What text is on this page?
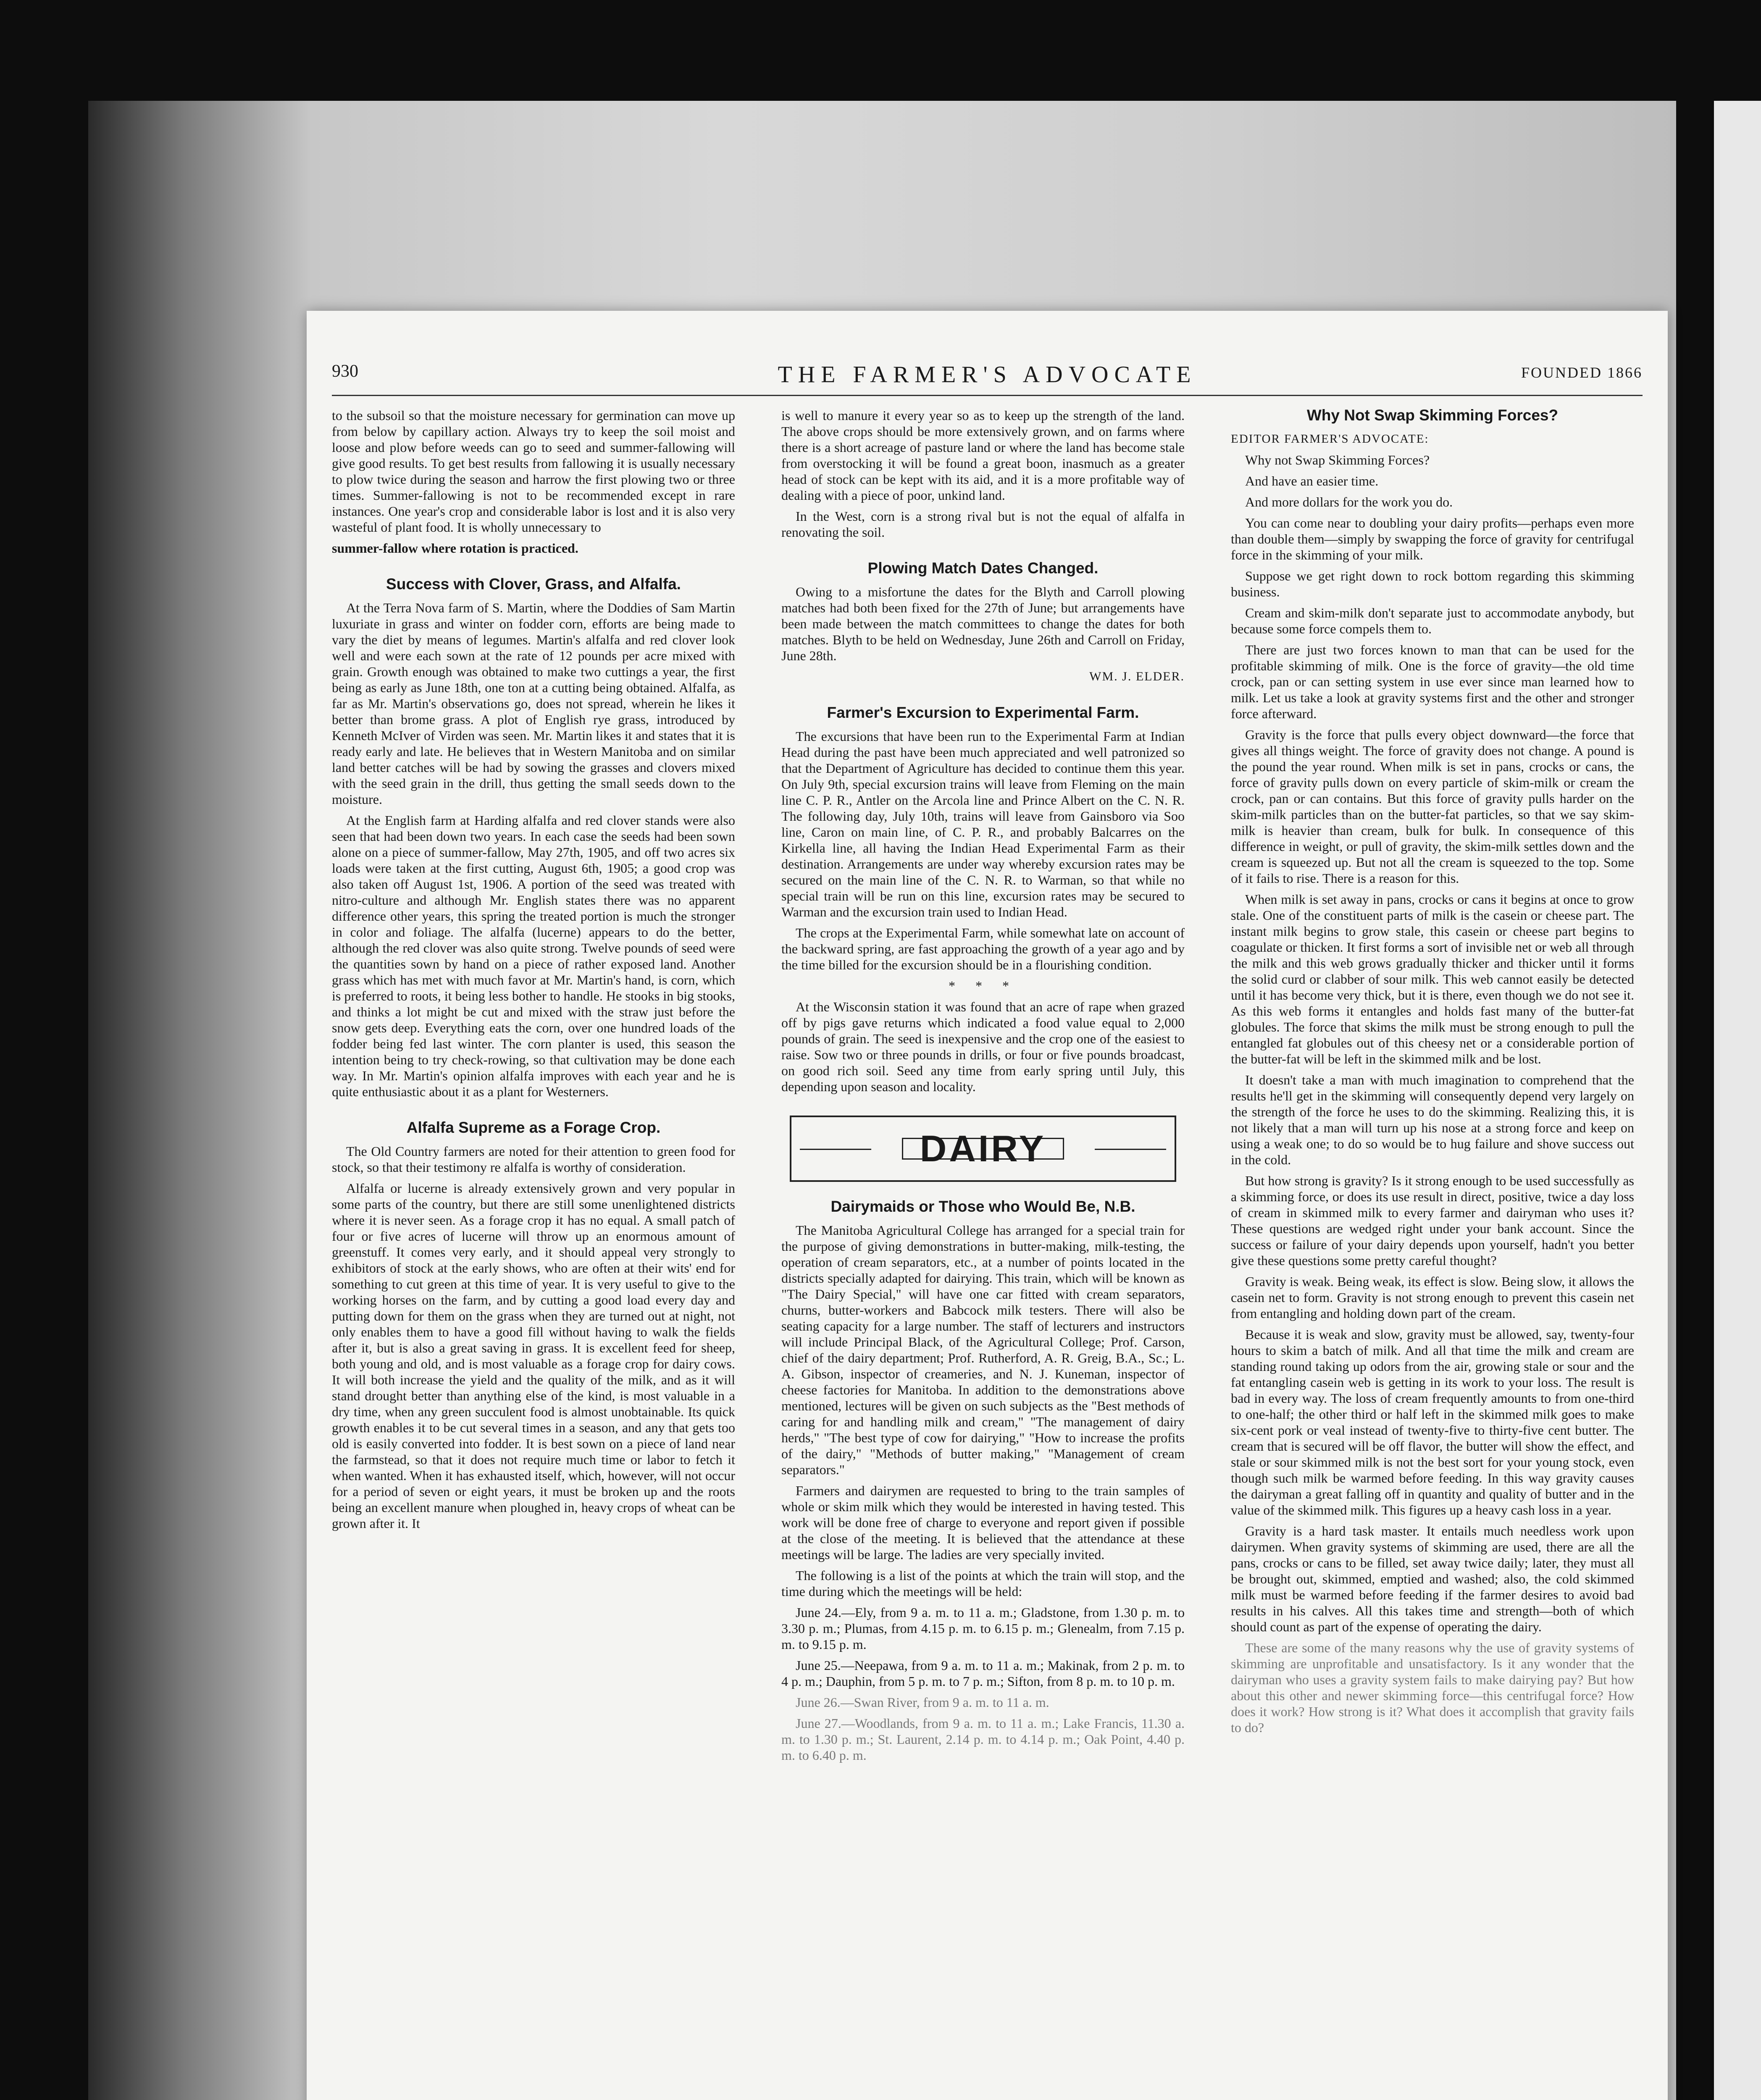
930	THE FARMER'S ADVOCATE	FOUNDED 1866

to the subsoil so that the moisture necessary for germination can move up from below by capillary action. Always try to keep the soil moist and loose and plow before weeds can go to seed and summer-fallowing will give good results. To get best results from fallowing it is usually necessary to plow twice during the season and harrow the first plowing two or three times. Summer-fallowing is not to be recommended except in rare instances. One year's crop and considerable labor is lost and it is also very wasteful of plant food. It is wholly unnecessary to

summer-fallow where rotation is practiced.

Success with Clover, Grass, and Alfalfa.

At the Terra Nova farm of S. Martin, where the Doddies of Sam Martin luxuriate in grass and winter on fodder corn, efforts are being made to vary the diet by means of legumes. Martin's alfalfa and red clover look well and were each sown at the rate of 12 pounds per acre mixed with grain. Growth enough was obtained to make two cuttings a year, the first being as early as June 18th, one ton at a cutting being obtained. Alfalfa, as far as Mr. Martin's observations go, does not spread, wherein he likes it better than brome grass. A plot of English rye grass, introduced by Kenneth McIver of Virden was seen. Mr. Martin likes it and states that it is ready early and late. He believes that in Western Manitoba and on similar land better catches will be had by sowing the grasses and clovers mixed with the seed grain in the drill, thus getting the small seeds down to the moisture.

At the English farm at Harding alfalfa and red clover stands were also seen that had been down two years. In each case the seeds had been sown alone on a piece of summer-fallow, May 27th, 1905, and off two acres six loads were taken at the first cutting, August 6th, 1905; a good crop was also taken off August 1st, 1906. A portion of the seed was treated with nitro-culture and although Mr. English states there was no apparent difference other years, this spring the treated portion is much the stronger in color and foliage. The alfalfa (lucerne) appears to do the better, although the red clover was also quite strong. Twelve pounds of seed were the quantities sown by hand on a piece of rather exposed land. Another grass which has met with much favor at Mr. Martin's hand, is corn, which is preferred to roots, it being less bother to handle. He stooks in big stooks, and thinks a lot might be cut and mixed with the straw just before the snow gets deep. Everything eats the corn, over one hundred loads of the fodder being fed last winter. The corn planter is used, this season the intention being to try check-rowing, so that cultivation may be done each way. In Mr. Martin's opinion alfalfa improves with each year and he is quite enthusiastic about it as a plant for Westerners.

Alfalfa Supreme as a Forage Crop.

The Old Country farmers are noted for their attention to green food for stock, so that their testimony re alfalfa is worthy of consideration.

Alfalfa or lucerne is already extensively grown and very popular in some parts of the country, but there are still some unenlightened districts where it is never seen. As a forage crop it has no equal. A small patch of four or five acres of lucerne will throw up an enormous amount of greenstuff. It comes very early, and it should appeal very strongly to exhibitors of stock at the early shows, who are often at their wits' end for something to cut green at this time of year. It is very useful to give to the working horses on the farm, and by cutting a good load every day and putting down for them on the grass when they are turned out at night, not only enables them to have a good fill without having to walk the fields after it, but is also a great saving in grass. It is excellent feed for sheep, both young and old, and is most valuable as a forage crop for dairy cows. It will both increase the yield and the quality of the milk, and as it will stand drought better than anything else of the kind, is most valuable in a dry time, when any green succulent food is almost unobtainable. Its quick growth enables it to be cut several times in a season, and any that gets too old is easily converted into fodder. It is best sown on a piece of land near the farmstead, so that it does not require much time or labor to fetch it when wanted. When it has exhausted itself, which, however, will not occur for a period of seven or eight years, it must be broken up and the roots being an excellent manure when ploughed in, heavy crops of wheat can be grown after it. It

is well to manure it every year so as to keep up the strength of the land. The above crops should be more extensively grown, and on farms where there is a short acreage of pasture land or where the land has become stale from overstocking it will be found a great boon, inasmuch as a greater head of stock can be kept with its aid, and it is a more profitable way of dealing with a piece of poor, unkind land.

In the West, corn is a strong rival but is not the equal of alfalfa in renovating the soil.

Plowing Match Dates Changed.

Owing to a misfortune the dates for the Blyth and Carroll plowing matches had both been fixed for the 27th of June; but arrangements have been made between the match committees to change the dates for both matches. Blyth to be held on Wednesday, June 26th and Carroll on Friday, June 28th.

WM. J. ELDER.

Farmer's Excursion to Experimental Farm.

The excursions that have been run to the Experimental Farm at Indian Head during the past have been much appreciated and well patronized so that the Department of Agriculture has decided to continue them this year. On July 9th, special excursion trains will leave from Fleming on the main line C. P. R., Antler on the Arcola line and Prince Albert on the C. N. R. The following day, July 10th, trains will leave from Gainsboro via Soo line, Caron on main line, of C. P. R., and probably Balcarres on the Kirkella line, all having the Indian Head Experimental Farm as their destination. Arrangements are under way whereby excursion rates may be secured on the main line of the C. N. R. to Warman, so that while no special train will be run on this line, excursion rates may be secured to Warman and the excursion train used to Indian Head.

The crops at the Experimental Farm, while somewhat late on account of the backward spring, are fast approaching the growth of a year ago and by the time billed for the excursion should be in a flourishing condition.

* * *

At the Wisconsin station it was found that an acre of rape when grazed off by pigs gave returns which indicated a food value equal to 2,000 pounds of grain. The seed is inexpensive and the crop one of the easiest to raise. Sow two or three pounds in drills, or four or five pounds broadcast, on good rich soil. Seed any time from early spring until July, this depending upon season and locality.

DAIRY
Dairymaids or Those who Would Be, N.B.

The Manitoba Agricultural College has arranged for a special train for the purpose of giving demonstrations in butter-making, milk-testing, the operation of cream separators, etc., at a number of points located in the districts specially adapted for dairying. This train, which will be known as "The Dairy Special," will have one car fitted with cream separators, churns, butter-workers and Babcock milk testers. There will also be seating capacity for a large number. The staff of lecturers and instructors will include Principal Black, of the Agricultural College; Prof. Carson, chief of the dairy department; Prof. Rutherford, A. R. Greig, B.A., Sc.; L. A. Gibson, inspector of creameries, and N. J. Kuneman, inspector of cheese factories for Manitoba. In addition to the demonstrations above mentioned, lectures will be given on such subjects as the "Best methods of caring for and handling milk and cream," "The management of dairy herds," "The best type of cow for dairying," "How to increase the profits of the dairy," "Methods of butter making," "Management of cream separators."

Farmers and dairymen are requested to bring to the train samples of whole or skim milk which they would be interested in having tested. This work will be done free of charge to everyone and report given if possible at the close of the meeting. It is believed that the attendance at these meetings will be large. The ladies are very specially invited.

The following is a list of the points at which the train will stop, and the time during which the meetings will be held:

June 24.—Ely, from 9 a. m. to 11 a. m.; Gladstone, from 1.30 p. m. to 3.30 p. m.; Plumas, from 4.15 p. m. to 6.15 p. m.; Glenealm, from 7.15 p. m. to 9.15 p. m.

June 25.—Neepawa, from 9 a. m. to 11 a. m.; Makinak, from 2 p. m. to 4 p. m.; Dauphin, from 5 p. m. to 7 p. m.; Sifton, from 8 p. m. to 10 p. m.

June 26.—Swan River, from 9 a. m. to 11 a. m.

June 27.—Woodlands, from 9 a. m. to 11 a. m.; Lake Francis, 11.30 a. m. to 1.30 p. m.; St. Laurent, 2.14 p. m. to 4.14 p. m.; Oak Point, 4.40 p. m. to 6.40 p. m.

Why Not Swap Skimming Forces?

EDITOR FARMER'S ADVOCATE:

Why not Swap Skimming Forces?

And have an easier time.

And more dollars for the work you do.

You can come near to doubling your dairy profits—perhaps even more than double them—simply by swapping the force of gravity for centrifugal force in the skimming of your milk.

Suppose we get right down to rock bottom regarding this skimming business.

Cream and skim-milk don't separate just to accommodate anybody, but because some force compels them to.

There are just two forces known to man that can be used for the profitable skimming of milk. One is the force of gravity—the old time crock, pan or can setting system in use ever since man learned how to milk. Let us take a look at gravity systems first and the other and stronger force afterward.

Gravity is the force that pulls every object downward—the force that gives all things weight. The force of gravity does not change. A pound is the pound the year round. When milk is set in pans, crocks or cans, the force of gravity pulls down on every particle of skim-milk or cream the crock, pan or can contains. But this force of gravity pulls harder on the skim-milk particles than on the butter-fat particles, so that we say skim-milk is heavier than cream, bulk for bulk. In consequence of this difference in weight, or pull of gravity, the skim-milk settles down and the cream is squeezed up. But not all the cream is squeezed to the top. Some of it fails to rise. There is a reason for this.

When milk is set away in pans, crocks or cans it begins at once to grow stale. One of the constituent parts of milk is the casein or cheese part. The instant milk begins to grow stale, this casein or cheese part begins to coagulate or thicken. It first forms a sort of invisible net or web all through the milk and this web grows gradually thicker and thicker until it forms the solid curd or clabber of sour milk. This web cannot easily be detected until it has become very thick, but it is there, even though we do not see it. As this web forms it entangles and holds fast many of the butter-fat globules. The force that skims the milk must be strong enough to pull the entangled fat globules out of this cheesy net or a considerable portion of the butter-fat will be left in the skimmed milk and be lost.

It doesn't take a man with much imagination to comprehend that the results he'll get in the skimming will consequently depend very largely on the strength of the force he uses to do the skimming. Realizing this, it is not likely that a man will turn up his nose at a strong force and keep on using a weak one; to do so would be to hug failure and shove success out in the cold.

But how strong is gravity? Is it strong enough to be used successfully as a skimming force, or does its use result in direct, positive, twice a day loss of cream in skimmed milk to every farmer and dairyman who uses it? These questions are wedged right under your bank account. Since the success or failure of your dairy depends upon yourself, hadn't you better give these questions some pretty careful thought?

Gravity is weak. Being weak, its effect is slow. Being slow, it allows the casein net to form. Gravity is not strong enough to prevent this casein net from entangling and holding down part of the cream.

Because it is weak and slow, gravity must be allowed, say, twenty-four hours to skim a batch of milk. And all that time the milk and cream are standing round taking up odors from the air, growing stale or sour and the fat entangling casein web is getting in its work to your loss. The result is bad in every way. The loss of cream frequently amounts to from one-third to one-half; the other third or half left in the skimmed milk goes to make six-cent pork or veal instead of twenty-five to thirty-five cent butter. The cream that is secured will be off flavor, the butter will show the effect, and stale or sour skimmed milk is not the best sort for your young stock, even though such milk be warmed before feeding. In this way gravity causes the dairyman a great falling off in quantity and quality of butter and in the value of the skimmed milk. This figures up a heavy cash loss in a year.

Gravity is a hard task master. It entails much needless work upon dairymen. When gravity systems of skimming are used, there are all the pans, crocks or cans to be filled, set away twice daily; later, they must all be brought out, skimmed, emptied and washed; also, the cold skimmed milk must be warmed before feeding if the farmer desires to avoid bad results in his calves. All this takes time and strength—both of which should count as part of the expense of operating the dairy.

These are some of the many reasons why the use of gravity systems of skimming are unprofitable and unsatisfactory. Is it any wonder that the dairyman who uses a gravity system fails to make dairying pay? But how about this other and newer skimming force—this centrifugal force? How does it work? How strong is it? What does it accomplish that gravity fails to do?
